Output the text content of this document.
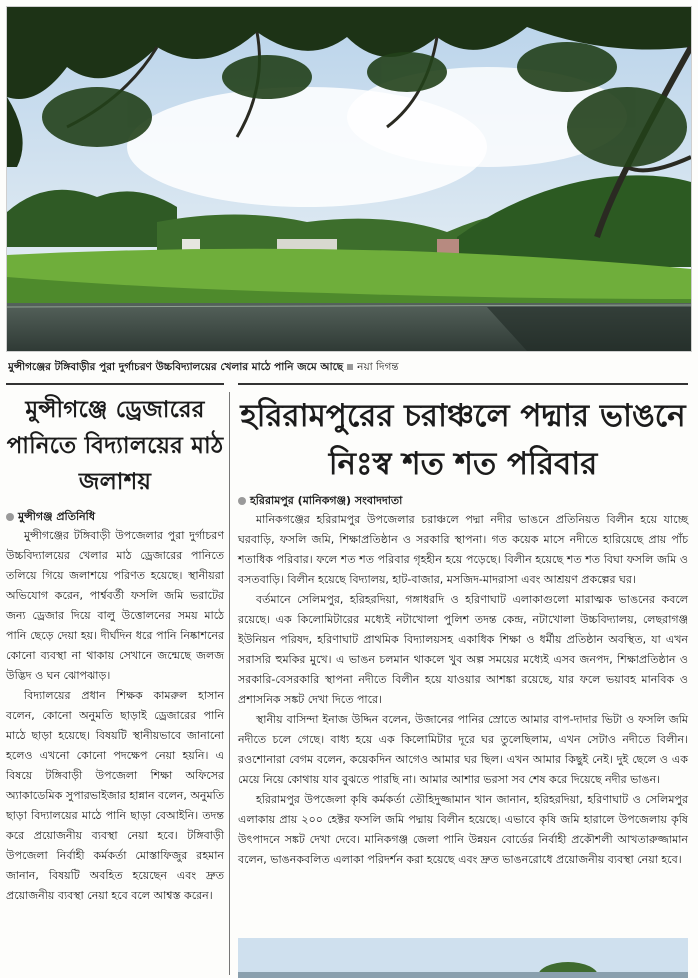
মুন্সীগঞ্জের টঙ্গিবাড়ীর পুরা দুর্গাচরণ উচ্চবিদ্যালয়ের খেলার মাঠে পানি জমে আছে নয়া দিগন্ত
মুন্সীগঞ্জে ড্রেজারের পানিতে বিদ্যালয়ের মাঠ জলাশয়
মুন্সীগঞ্জ প্রতিনিধি

মুন্সীগঞ্জের টঙ্গিবাড়ী উপজেলার পুরা দুর্গাচরণ উচ্চবিদ্যালয়ের খেলার মাঠ ড্রেজারের পানিতে তলিয়ে গিয়ে জলাশয়ে পরিণত হয়েছে। স্থানীয়রা অভিযোগ করেন, পার্শ্ববর্তী ফসলি জমি ভরাটের জন্য ড্রেজার দিয়ে বালু উত্তোলনের সময় মাঠে পানি ছেড়ে দেয়া হয়। দীর্ঘদিন ধরে পানি নিষ্কাশনের কোনো ব্যবস্থা না থাকায় সেখানে জন্মেছে জলজ উদ্ভিদ ও ঘন ঝোপঝাড়।

বিদ্যালয়ের প্রধান শিক্ষক কামরুল হাসান বলেন, কোনো অনুমতি ছাড়াই ড্রেজারের পানি মাঠে ছাড়া হয়েছে। বিষয়টি স্থানীয়ভাবে জানানো হলেও এখনো কোনো পদক্ষেপ নেয়া হয়নি। এ বিষয়ে টঙ্গিবাড়ী উপজেলা শিক্ষা অফিসের অ্যাকাডেমিক সুপারভাইজার হান্নান বলেন, অনুমতি ছাড়া বিদ্যালয়ের মাঠে পানি ছাড়া বেআইনি। তদন্ত করে প্রয়োজনীয় ব্যবস্থা নেয়া হবে। টঙ্গিবাড়ী উপজেলা নির্বাহী কর্মকর্তা মোস্তাফিজুর রহমান জানান, বিষয়টি অবহিত হয়েছেন এবং দ্রুত প্রয়োজনীয় ব্যবস্থা নেয়া হবে বলে আশ্বস্ত করেন।

হরিরামপুরের চরাঞ্চলে পদ্মার ভাঙনে নিঃস্ব শত শত পরিবার
হরিরামপুর (মানিকগঞ্জ) সংবাদদাতা

মানিকগঞ্জের হরিরামপুর উপজেলার চরাঞ্চলে পদ্মা নদীর ভাঙনে প্রতিনিয়ত বিলীন হয়ে যাচ্ছে ঘরবাড়ি, ফসলি জমি, শিক্ষাপ্রতিষ্ঠান ও সরকারি স্থাপনা। গত কয়েক মাসে নদীতে হারিয়েছে প্রায় পাঁচ শতাধিক পরিবার। ফলে শত শত পরিবার গৃহহীন হয়ে পড়েছে। বিলীন হয়েছে শত শত বিঘা ফসলি জমি ও বসতবাড়ি। বিলীন হয়েছে বিদ্যালয়, হাট-বাজার, মসজিদ-মাদরাসা এবং আশ্রয়ণ প্রকল্পের ঘর।

বর্তমানে সেলিমপুর, হরিহরদিয়া, গঙ্গাধরদি ও হরিণাঘাট এলাকাগুলো মারাত্মক ভাঙনের কবলে রয়েছে। এক কিলোমিটারের মধ্যেই নটাখোলা পুলিশ তদন্ত কেন্দ্র, নটাখোলা উচ্চবিদ্যালয়, লেছরাগঞ্জ ইউনিয়ন পরিষদ, হরিণাঘাট প্রাথমিক বিদ্যালয়সহ একাধিক শিক্ষা ও ধর্মীয় প্রতিষ্ঠান অবস্থিত, যা এখন সরাসরি হুমকির মুখে। এ ভাঙন চলমান থাকলে খুব অল্প সময়ের মধ্যেই এসব জনপদ, শিক্ষাপ্রতিষ্ঠান ও সরকারি-বেসরকারি স্থাপনা নদীতে বিলীন হয়ে যাওয়ার আশঙ্কা রয়েছে, যার ফলে ভয়াবহ মানবিক ও প্রশাসনিক সঙ্কট দেখা দিতে পারে।

স্থানীয় বাসিন্দা ইনাজ উদ্দিন বলেন, উজানের পানির স্রোতে আমার বাপ-দাদার ভিটা ও ফসলি জমি নদীতে চলে গেছে। বাধ্য হয়ে এক কিলোমিটার দূরে ঘর তুলেছিলাম, এখন সেটাও নদীতে বিলীন। রওশোনারা বেগম বলেন, কয়েকদিন আগেও আমার ঘর ছিল। এখন আমার কিছুই নেই। দুই ছেলে ও এক মেয়ে নিয়ে কোথায় যাব বুঝতে পারছি না। আমার আশার ভরসা সব শেষ করে দিয়েছে নদীর ভাঙন।

হরিরামপুর উপজেলা কৃষি কর্মকর্তা তৌহিদুজ্জামান খান জানান, হরিহরদিয়া, হরিণাঘাট ও সেলিমপুর এলাকায় প্রায় ২০০ হেক্টর ফসলি জমি পদ্মায় বিলীন হয়েছে। এভাবে কৃষি জমি হারালে উপজেলায় কৃষি উৎপাদনে সঙ্কট দেখা দেবে। মানিকগঞ্জ জেলা পানি উন্নয়ন বোর্ডের নির্বাহী প্রকৌশলী আখতারুজ্জামান বলেন, ভাঙনকবলিত এলাকা পরিদর্শন করা হয়েছে এবং দ্রুত ভাঙনরোধে প্রয়োজনীয় ব্যবস্থা নেয়া হবে।
